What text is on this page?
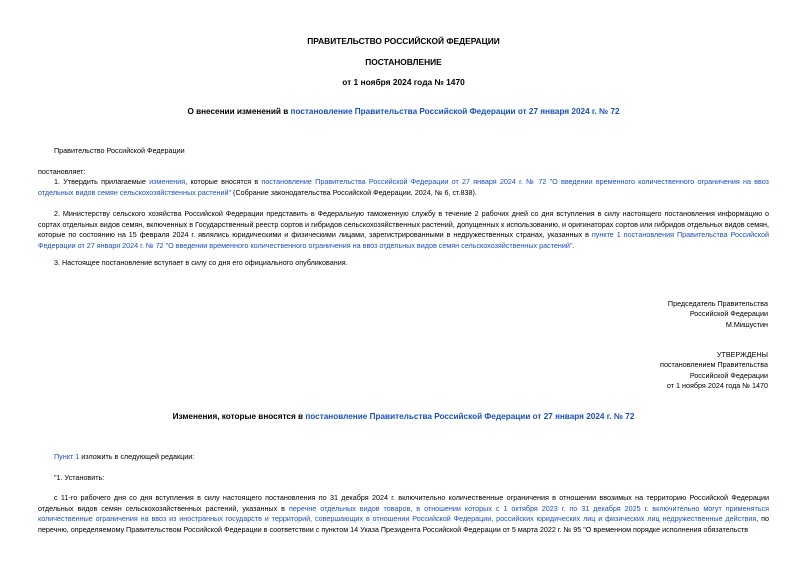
ПРАВИТЕЛЬСТВО РОССИЙСКОЙ ФЕДЕРАЦИИ
ПОСТАНОВЛЕНИЕ
от 1 ноября 2024 года № 1470
О внесении изменений в постановление Правительства Российской Федерации от 27 января 2024 г. № 72
Правительство Российской Федерации
постановляет:
1. Утвердить прилагаемые изменения, которые вносятся в постановление Правительства Российской Федерации от 27 января 2024 г. № 72 "О введении временного количественного ограничения на ввоз отдельных видов семян сельскохозяйственных растений" (Собрание законодательства Российской Федерации, 2024, № 6, ст.838).
2. Министерству сельского хозяйства Российской Федерации представить в Федеральную таможенную службу в течение 2 рабочих дней со дня вступления в силу настоящего постановления информацию о сортах отдельных видов семян, включенных в Государственный реестр сортов и гибридов сельскохозяйственных растений, допущенных к использованию, и оригинаторах сортов или гибридов отдельных видов семян, которые по состоянию на 15 февраля 2024 г. являлись юридическими и физическими лицами, зарегистрированными в недружественных странах, указанных в пункте 1 постановления Правительства Российской Федерации от 27 января 2024 г. № 72 "О введении временного количественного ограничения на ввоз отдельных видов семян сельскохозяйственных растений".
3. Настоящее постановление вступает в силу со дня его официального опубликования.
Председатель Правительства
Российской Федерации
М.Мишустин
УТВЕРЖДЕНЫ
постановлением Правительства
Российской Федерации
от 1 ноября 2024 года № 1470
Изменения, которые вносятся в постановление Правительства Российской Федерации от 27 января 2024 г. № 72
Пункт 1 изложить в следующей редакции:
"1. Установить:
с 11-го рабочего дня со дня вступления в силу настоящего постановления по 31 декабря 2024 г. включительно количественные ограничения в отношении ввозимых на территорию Российской Федерации отдельных видов семян сельскохозяйственных растений, указанных в перечне отдельных видов товаров, в отношении которых с 1 октября 2023 г. по 31 декабря 2025 г. включительно могут применяться количественные ограничения на ввоз из иностранных государств и территорий, совершающих в отношении Российской Федерации, российских юридических лиц и физических лиц недружественные действия, по перечню, определяемому Правительством Российской Федерации в соответствии с пунктом 14 Указа Президента Российской Федерации от 5 марта 2022 г. № 95 "О временном порядке исполнения обязательств
